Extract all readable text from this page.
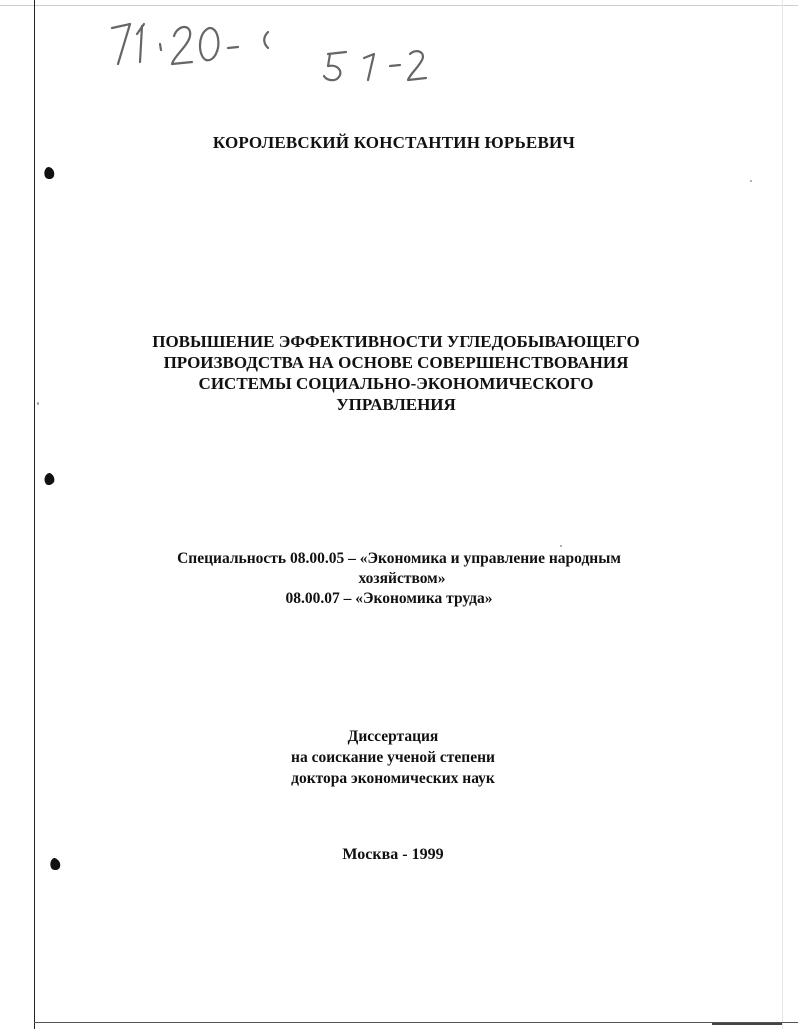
КОРОЛЕВСКИЙ КОНСТАНТИН ЮРЬЕВИЧ
ПОВЫШЕНИЕ ЭФФЕКТИВНОСТИ УГЛЕДОБЫВАЮЩЕГО
ПРОИЗВОДСТВА НА ОСНОВЕ СОВЕРШЕНСТВОВАНИЯ
СИСТЕМЫ СОЦИАЛЬНО-ЭКОНОМИЧЕСКОГО
УПРАВЛЕНИЯ
Специальность 08.00.05 – «Экономика и управление народным
хозяйством»
08.00.07 – «Экономика труда»
Диссертация
на соискание ученой степени
доктора экономических наук
Москва - 1999
